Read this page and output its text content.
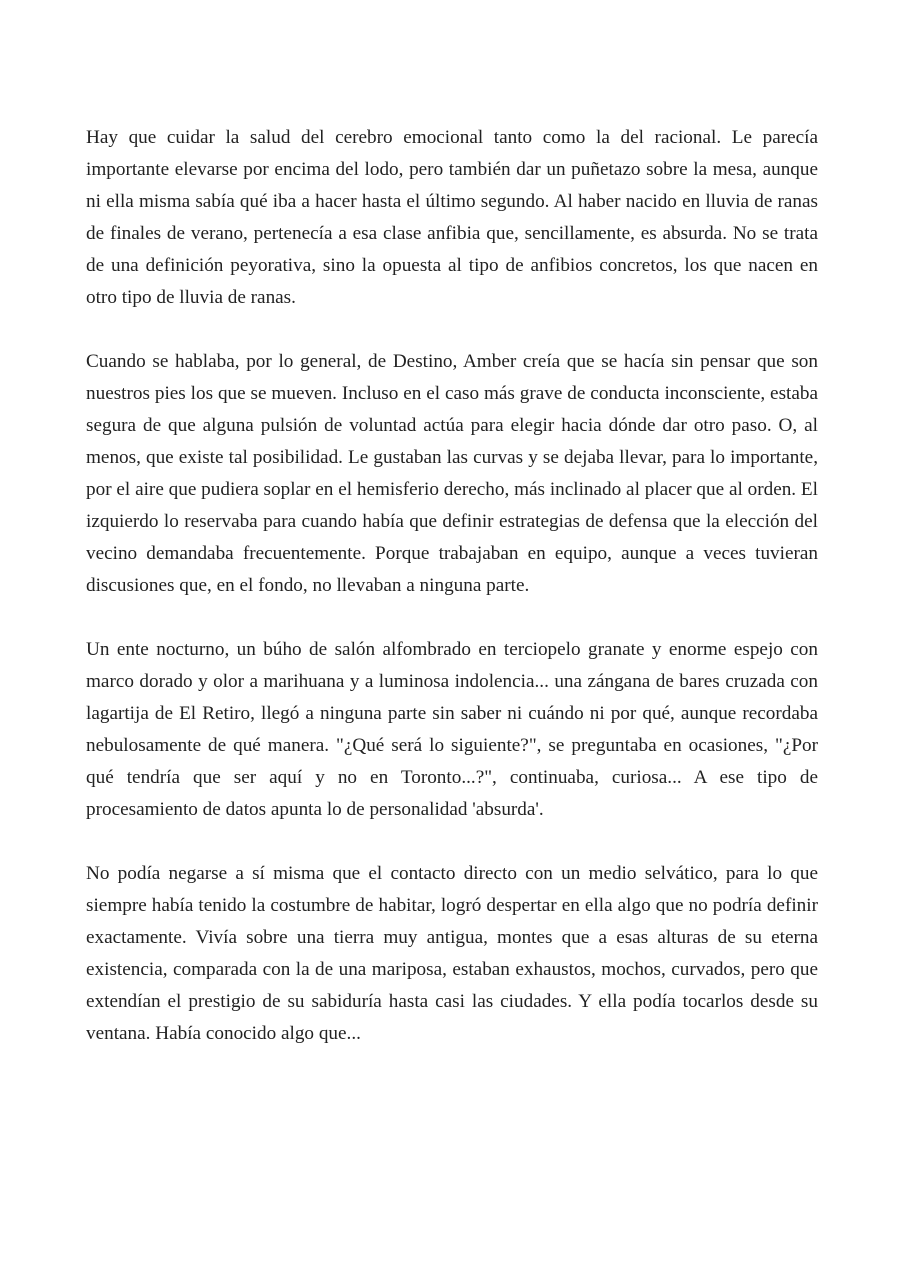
Hay que cuidar la salud del cerebro emocional tanto como la del racional. Le parecía importante elevarse por encima del lodo, pero también dar un puñetazo sobre la mesa, aunque ni ella misma sabía qué iba a hacer hasta el último segundo. Al haber nacido en lluvia de ranas de finales de verano, pertenecía a esa clase anfibia que, sencillamente, es absurda. No se trata de una definición peyorativa, sino la opuesta al tipo de anfibios concretos, los que nacen en otro tipo de lluvia de ranas.

Cuando se hablaba, por lo general, de Destino, Amber creía que se hacía sin pensar que son nuestros pies los que se mueven. Incluso en el caso más grave de conducta inconsciente, estaba segura de que alguna pulsión de voluntad actúa para elegir hacia dónde dar otro paso. O, al menos, que existe tal posibilidad. Le gustaban las curvas y se dejaba llevar, para lo importante, por el aire que pudiera soplar en el hemisferio derecho, más inclinado al placer que al orden. El izquierdo lo reservaba para cuando había que definir estrategias de defensa que la elección del vecino demandaba frecuentemente. Porque trabajaban en equipo, aunque a veces tuvieran discusiones que, en el fondo, no llevaban a ninguna parte.

Un ente nocturno, un búho de salón alfombrado en terciopelo granate y enorme espejo con marco dorado y olor a marihuana y a luminosa indolencia... una zángana de bares cruzada con lagartija de El Retiro, llegó a ninguna parte sin saber ni cuándo ni por qué, aunque recordaba nebulosamente de qué manera. "¿Qué será lo siguiente?", se preguntaba en ocasiones, "¿Por qué tendría que ser aquí y no en Toronto...?", continuaba, curiosa... A ese tipo de procesamiento de datos apunta lo de personalidad 'absurda'.

No podía negarse a sí misma que el contacto directo con un medio selvático, para lo que siempre había tenido la costumbre de habitar, logró despertar en ella algo que no podría definir exactamente. Vivía sobre una tierra muy antigua, montes que a esas alturas de su eterna existencia, comparada con la de una mariposa, estaban exhaustos, mochos, curvados, pero que extendían el prestigio de su sabiduría hasta casi las ciudades. Y ella podía tocarlos desde su ventana. Había conocido algo que...
